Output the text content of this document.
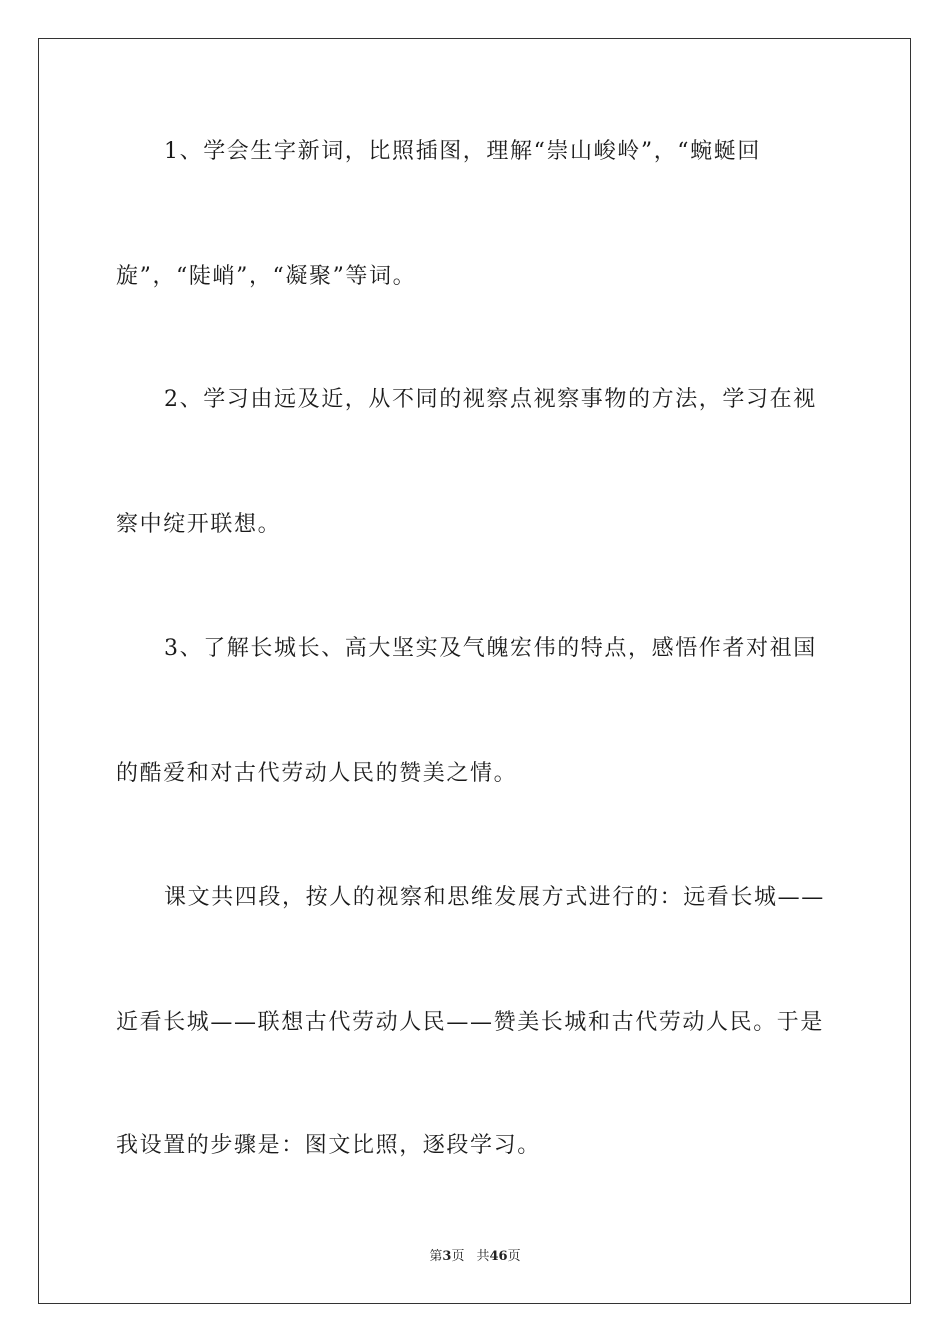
1、学会生字新词，比照插图，理解“崇山峻岭”，“蜿蜒回
旋”，“陡峭”，“凝聚”等词。
2、学习由远及近，从不同的视察点视察事物的方法，学习在视
察中绽开联想。
3、了解长城长、高大坚实及气魄宏伟的特点，感悟作者对祖国
的酷爱和对古代劳动人民的赞美之情。
课文共四段，按人的视察和思维发展方式进行的：远看长城——
近看长城——联想古代劳动人民——赞美长城和古代劳动人民。于是
我设置的步骤是：图文比照，逐段学习。
第3页 共46页
